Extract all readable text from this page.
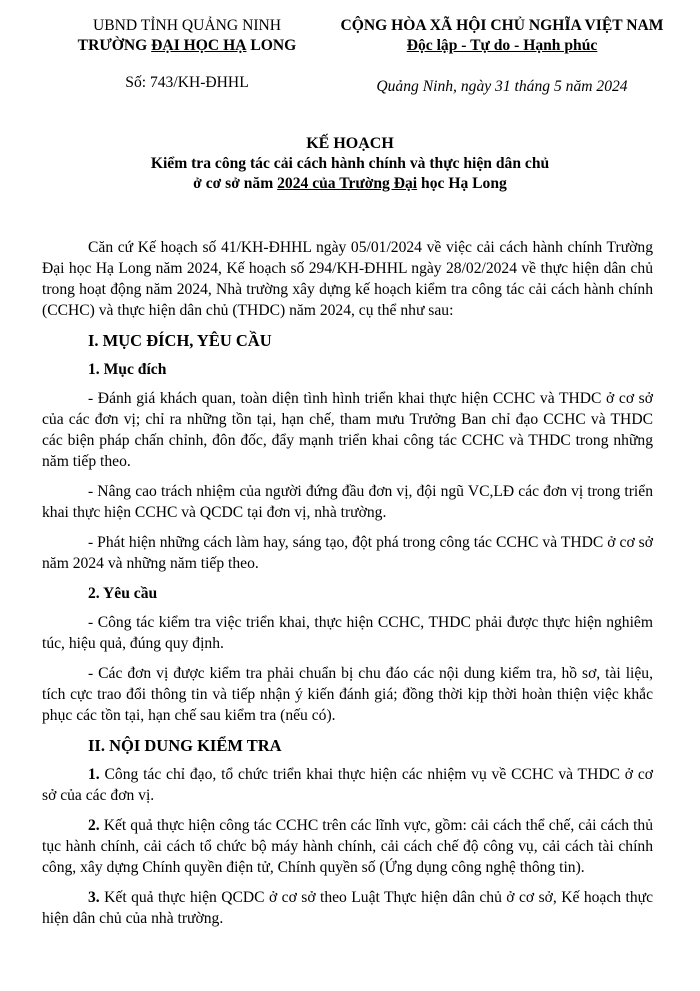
UBND TỈNH QUẢNG NINH
TRƯỜNG ĐẠI HỌC HẠ LONG
CỘNG HÒA XÃ HỘI CHỦ NGHĨA VIỆT NAM
Độc lập - Tự do - Hạnh phúc
Số: 743/KH-ĐHHL	Quảng Ninh, ngày 31 tháng 5 năm 2024
KẾ HOẠCH
Kiểm tra công tác cải cách hành chính và thực hiện dân chủ
ở cơ sở năm 2024 của Trường Đại học Hạ Long

Căn cứ Kế hoạch số 41/KH-ĐHHL ngày 05/01/2024 về việc cải cách hành chính Trường Đại học Hạ Long năm 2024, Kế hoạch số 294/KH-ĐHHL ngày 28/02/2024 về thực hiện dân chủ trong hoạt động năm 2024, Nhà trường xây dựng kế hoạch kiểm tra công tác cải cách hành chính (CCHC) và thực hiện dân chủ (THDC) năm 2024, cụ thể như sau:

I. MỤC ĐÍCH, YÊU CẦU

1. Mục đích

- Đánh giá khách quan, toàn diện tình hình triển khai thực hiện CCHC và THDC ở cơ sở của các đơn vị; chỉ ra những tồn tại, hạn chế, tham mưu Trưởng Ban chỉ đạo CCHC và THDC các biện pháp chấn chỉnh, đôn đốc, đẩy mạnh triển khai công tác CCHC và THDC trong những năm tiếp theo.

- Nâng cao trách nhiệm của người đứng đầu đơn vị, đội ngũ VC,LĐ các đơn vị trong triển khai thực hiện CCHC và QCDC tại đơn vị, nhà trường.

- Phát hiện những cách làm hay, sáng tạo, đột phá trong công tác CCHC và THDC ở cơ sở năm 2024 và những năm tiếp theo.

2. Yêu cầu

- Công tác kiểm tra việc triển khai, thực hiện CCHC, THDC phải được thực hiện nghiêm túc, hiệu quả, đúng quy định.

- Các đơn vị được kiểm tra phải chuẩn bị chu đáo các nội dung kiểm tra, hồ sơ, tài liệu, tích cực trao đổi thông tin và tiếp nhận ý kiến đánh giá; đồng thời kịp thời hoàn thiện việc khắc phục các tồn tại, hạn chế sau kiểm tra (nếu có).

II. NỘI DUNG KIỂM TRA

1. Công tác chỉ đạo, tổ chức triển khai thực hiện các nhiệm vụ về CCHC và THDC ở cơ sở của các đơn vị.

2. Kết quả thực hiện công tác CCHC trên các lĩnh vực, gồm: cải cách thể chế, cải cách thủ tục hành chính, cải cách tổ chức bộ máy hành chính, cải cách chế độ công vụ, cải cách tài chính công, xây dựng Chính quyền điện tử, Chính quyền số (Ứng dụng công nghệ thông tin).

3. Kết quả thực hiện QCDC ở cơ sở theo Luật Thực hiện dân chủ ở cơ sở, Kế hoạch thực hiện dân chủ của nhà trường.
